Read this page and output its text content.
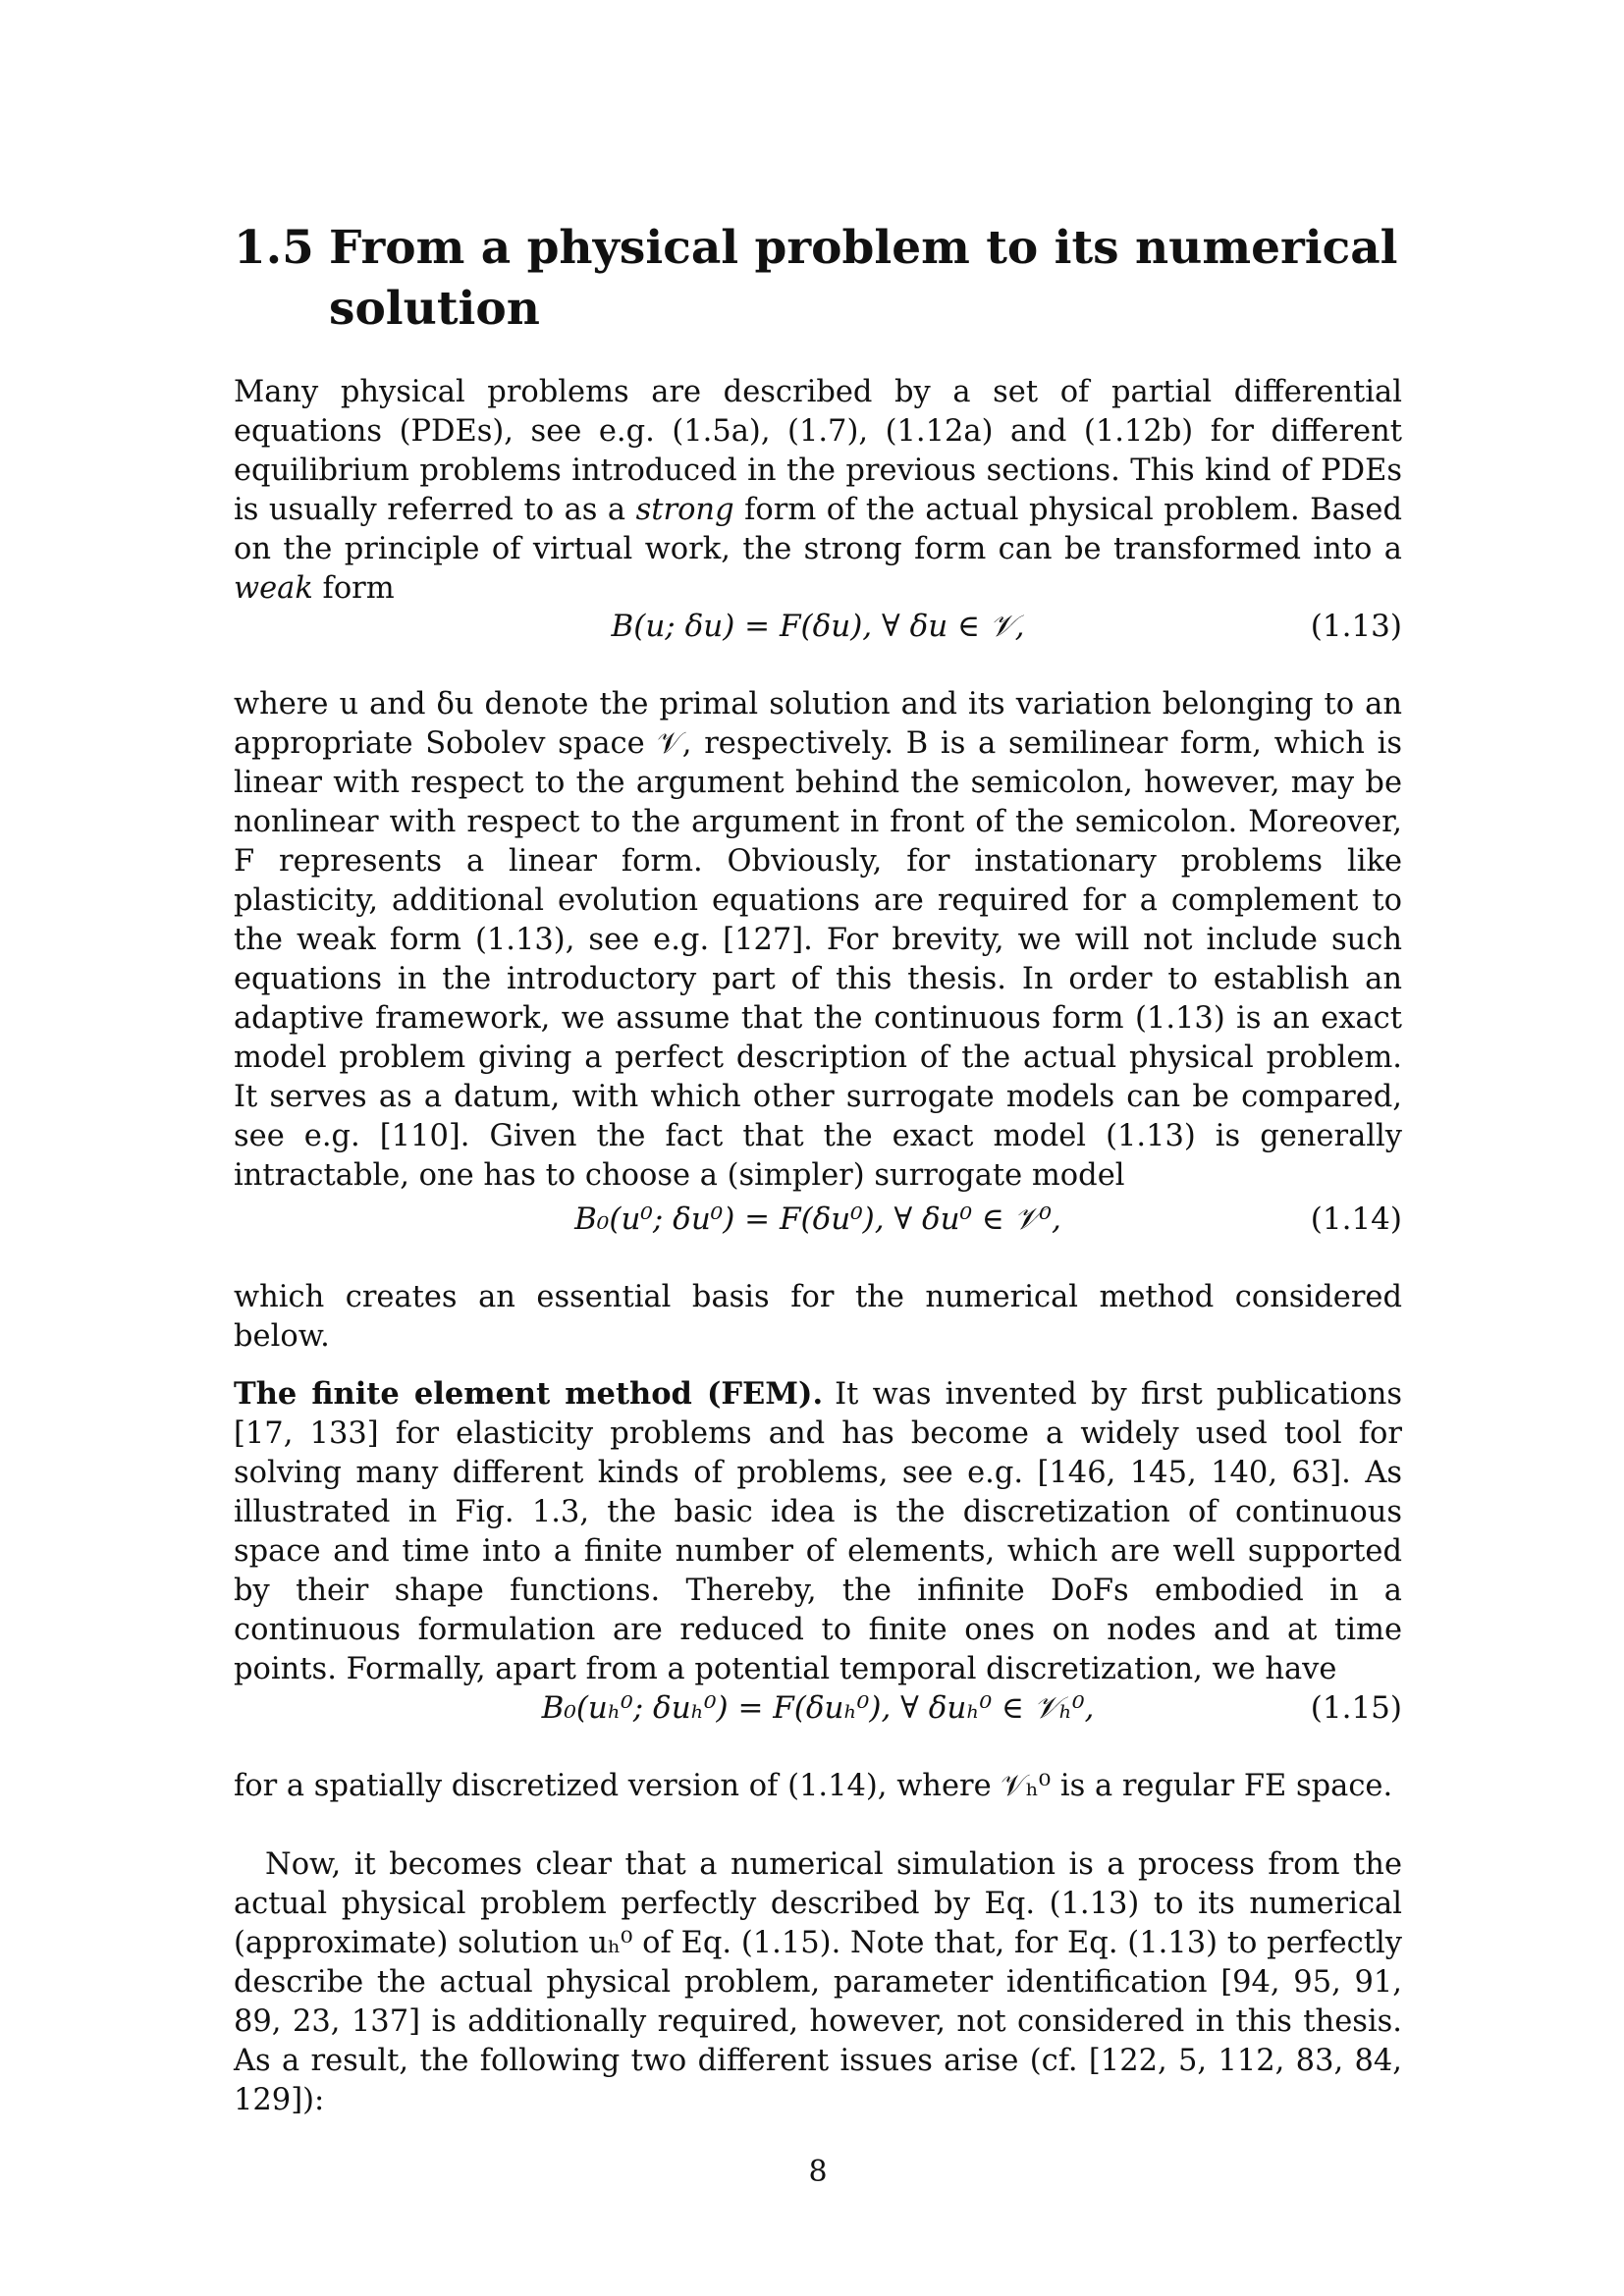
1.5 From a physical problem to its numerical solution

Many physical problems are described by a set of partial differential equations (PDEs), see e.g. (1.5a), (1.7), (1.12a) and (1.12b) for different equilibrium problems introduced in the previous sections. This kind of PDEs is usually referred to as a strong form of the actual physical problem. Based on the principle of virtual work, the strong form can be transformed into a weak form

B(u; δu) = F(δu), ∀ δu ∈ 𝒱,	(1.13)

where u and δu denote the primal solution and its variation belonging to an appropriate Sobolev space 𝒱, respectively. B is a semilinear form, which is linear with respect to the argument behind the semicolon, however, may be nonlinear with respect to the argument in front of the semicolon. Moreover, F represents a linear form. Obviously, for instationary problems like plasticity, additional evolution equations are required for a complement to the weak form (1.13), see e.g. [127]. For brevity, we will not include such equations in the introductory part of this thesis. In order to establish an adaptive framework, we assume that the continuous form (1.13) is an exact model problem giving a perfect description of the actual physical problem. It serves as a datum, with which other surrogate models can be compared, see e.g. [110]. Given the fact that the exact model (1.13) is generally intractable, one has to choose a (simpler) surrogate model

B₀(u⁰; δu⁰) = F(δu⁰), ∀ δu⁰ ∈ 𝒱⁰,	(1.14)

which creates an essential basis for the numerical method considered below.

The finite element method (FEM). It was invented by first publications [17, 133] for elasticity problems and has become a widely used tool for solving many different kinds of problems, see e.g. [146, 145, 140, 63]. As illustrated in Fig. 1.3, the basic idea is the discretization of continuous space and time into a finite number of elements, which are well supported by their shape functions. Thereby, the infinite DoFs embodied in a continuous formulation are reduced to finite ones on nodes and at time points. Formally, apart from a potential temporal discretization, we have

B₀(uₕ⁰; δuₕ⁰) = F(δuₕ⁰), ∀ δuₕ⁰ ∈ 𝒱ₕ⁰,	(1.15)

for a spatially discretized version of (1.14), where 𝒱ₕ⁰ is a regular FE space.

Now, it becomes clear that a numerical simulation is a process from the actual physical problem perfectly described by Eq. (1.13) to its numerical (approximate) solution uₕ⁰ of Eq. (1.15). Note that, for Eq. (1.13) to perfectly describe the actual physical problem, parameter identification [94, 95, 91, 89, 23, 137] is additionally required, however, not considered in this thesis. As a result, the following two different issues arise (cf. [122, 5, 112, 83, 84, 129]):

8
